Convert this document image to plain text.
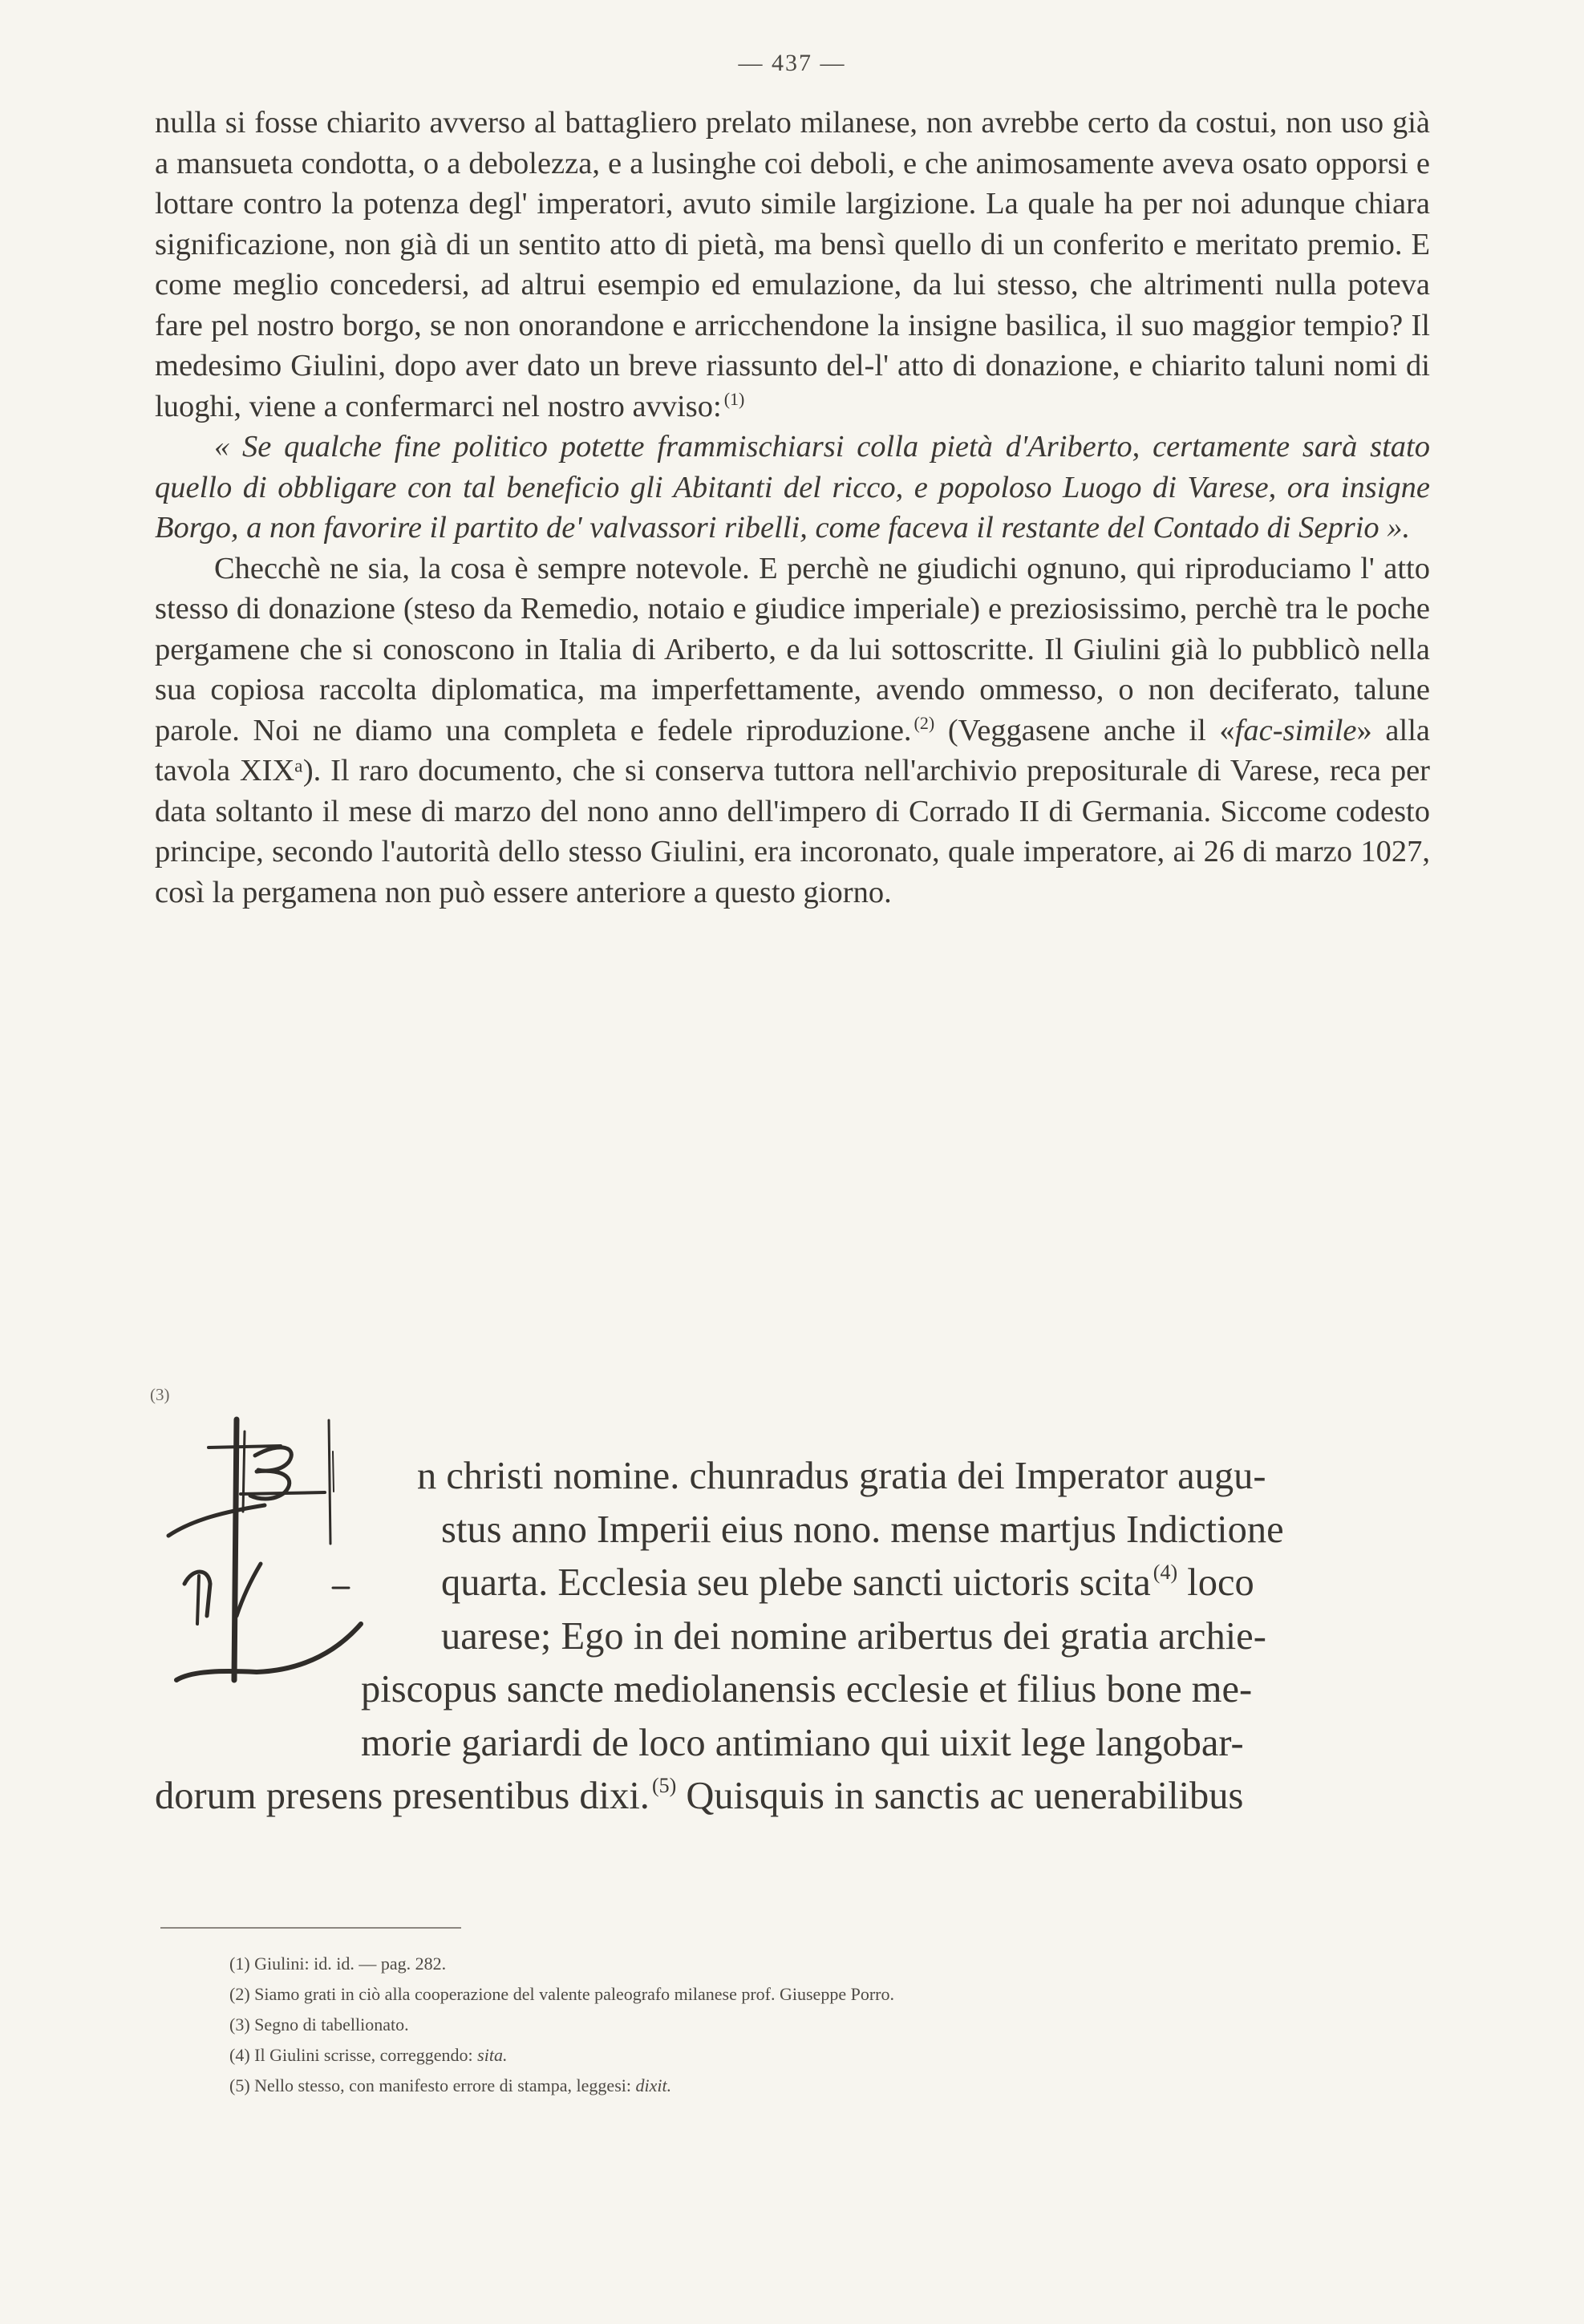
— 437 —

nulla si fosse chiarito avverso al battagliero prelato milanese, non avrebbe certo da costui, non uso già a mansueta condotta, o a debolezza, e a lusinghe coi deboli, e che animosamente aveva osato opporsi e lottare contro la potenza degl' imperatori, avuto simile largizione. La quale ha per noi adunque chiara significazione, non già di un sentito atto di pietà, ma bensì quello di un conferito e meritato premio. E come meglio concedersi, ad altrui esempio ed emulazione, da lui stesso, che altrimenti nulla poteva fare pel nostro borgo, se non onorandone e arricchendone la insigne basilica, il suo maggior tempio? Il medesimo Giulini, dopo aver dato un breve riassunto del-l' atto di donazione, e chiarito taluni nomi di luoghi, viene a confermarci nel nostro avviso: $^{(1)}$

« Se qualche fine politico potette frammischiarsi colla pietà d'Ariberto, certamente sarà stato quello di obbligare con tal beneficio gli Abitanti del ricco, e popoloso Luogo di Varese, ora insigne Borgo, a non favorire il partito de' valvassori ribelli, come faceva il restante del Contado di Seprio ».

Checchè ne sia, la cosa è sempre notevole. E perchè ne giudichi ognuno, qui riproduciamo l' atto stesso di donazione (steso da Remedio, notaio e giudice imperiale) e preziosissimo, perchè tra le poche pergamene che si conoscono in Italia di Ariberto, e da lui sottoscritte. Il Giulini già lo pubblicò nella sua copiosa raccolta diplomatica, ma imperfettamente, avendo ommesso, o non deciferato, talune parole. Noi ne diamo una completa e fedele riproduzione. $^{(2)}$ (Veggasene anche il «fac-simile» alla tavola XIXᵃ). Il raro documento, che si conserva tuttora nell'archivio prepositurale di Varese, reca per data soltanto il mese di marzo del nono anno dell'impero di Corrado II di Germania. Siccome codesto principe, secondo l'autorità dello stesso Giulini, era incoronato, quale imperatore, ai 26 di marzo 1027, così la pergamena non può essere anteriore a questo giorno.

(3)
n christi nomine. chunradus gratia dei Imperator augu-
stus anno Imperii eius nono. mense martjus Indictione
quarta. Ecclesia seu plebe sancti uictoris scita $^{(4)}$ loco
uarese; Ego in dei nomine aribertus dei gratia archie-
piscopus sancte mediolanensis ecclesie et filius bone me-
morie gariardi de loco antimiano qui uixit lege langobar-
dorum presens presentibus dixi. $^{(5)}$ Quisquis in sanctis ac uenerabilibus
(1) Giulini: id. id. — pag. 282.
(2) Siamo grati in ciò alla cooperazione del valente paleografo milanese prof. Giuseppe Porro.
(3) Segno di tabellionato.
(4) Il Giulini scrisse, correggendo: sita.
(5) Nello stesso, con manifesto errore di stampa, leggesi: dixit.
